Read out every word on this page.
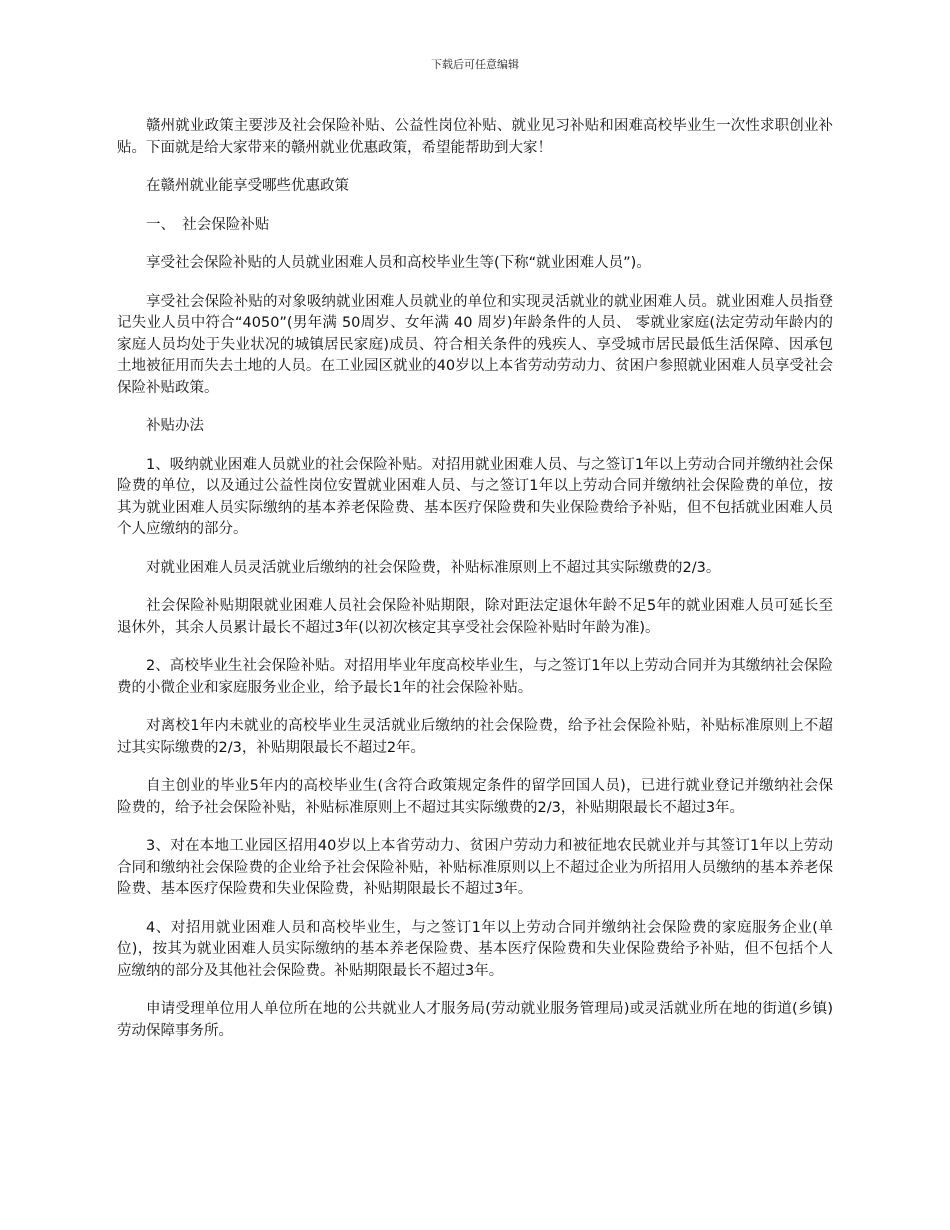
下载后可任意编辑

赣州就业政策主要涉及社会保险补贴、公益性岗位补贴、就业见习补贴和困难高校毕业生一次性求职创业补贴。下面就是给大家带来的赣州就业优惠政策，希望能帮助到大家！

在赣州就业能享受哪些优惠政策

一、　社会保险补贴

享受社会保险补贴的人员就业困难人员和高校毕业生等(下称“就业困难人员”)。

享受社会保险补贴的对象吸纳就业困难人员就业的单位和实现灵活就业的就业困难人员。就业困难人员指登记失业人员中符合“4050”(男年满 50周岁、女年满 40 周岁)年龄条件的人员、 零就业家庭(法定劳动年龄内的家庭人员均处于失业状况的城镇居民家庭)成员、符合相关条件的残疾人、享受城市居民最低生活保障、因承包土地被征用而失去土地的人员。在工业园区就业的40岁以上本省劳动劳动力、贫困户参照就业困难人员享受社会保险补贴政策。

补贴办法

1、吸纳就业困难人员就业的社会保险补贴。对招用就业困难人员、与之签订1年以上劳动合同并缴纳社会保险费的单位，以及通过公益性岗位安置就业困难人员、与之签订1年以上劳动合同并缴纳社会保险费的单位，按其为就业困难人员实际缴纳的基本养老保险费、基本医疗保险费和失业保险费给予补贴，但不包括就业困难人员个人应缴纳的部分。

对就业困难人员灵活就业后缴纳的社会保险费，补贴标准原则上不超过其实际缴费的2/3。

社会保险补贴期限就业困难人员社会保险补贴期限，除对距法定退休年龄不足5年的就业困难人员可延长至退休外，其余人员累计最长不超过3年(以初次核定其享受社会保险补贴时年龄为准)。

2、高校毕业生社会保险补贴。对招用毕业年度高校毕业生，与之签订1年以上劳动合同并为其缴纳社会保险费的小微企业和家庭服务业企业，给予最长1年的社会保险补贴。

对离校1年内未就业的高校毕业生灵活就业后缴纳的社会保险费，给予社会保险补贴，补贴标准原则上不超过其实际缴费的2/3，补贴期限最长不超过2年。

自主创业的毕业5年内的高校毕业生(含符合政策规定条件的留学回国人员)，已进行就业登记并缴纳社会保险费的，给予社会保险补贴，补贴标准原则上不超过其实际缴费的2/3，补贴期限最长不超过3年。

3、对在本地工业园区招用40岁以上本省劳动力、贫困户劳动力和被征地农民就业并与其签订1年以上劳动合同和缴纳社会保险费的企业给予社会保险补贴，补贴标准原则以上不超过企业为所招用人员缴纳的基本养老保险费、基本医疗保险费和失业保险费，补贴期限最长不超过3年。

4、对招用就业困难人员和高校毕业生，与之签订1年以上劳动合同并缴纳社会保险费的家庭服务企业(单位)，按其为就业困难人员实际缴纳的基本养老保险费、基本医疗保险费和失业保险费给予补贴，但不包括个人应缴纳的部分及其他社会保险费。补贴期限最长不超过3年。

申请受理单位用人单位所在地的公共就业人才服务局(劳动就业服务管理局)或灵活就业所在地的街道(乡镇)劳动保障事务所。
